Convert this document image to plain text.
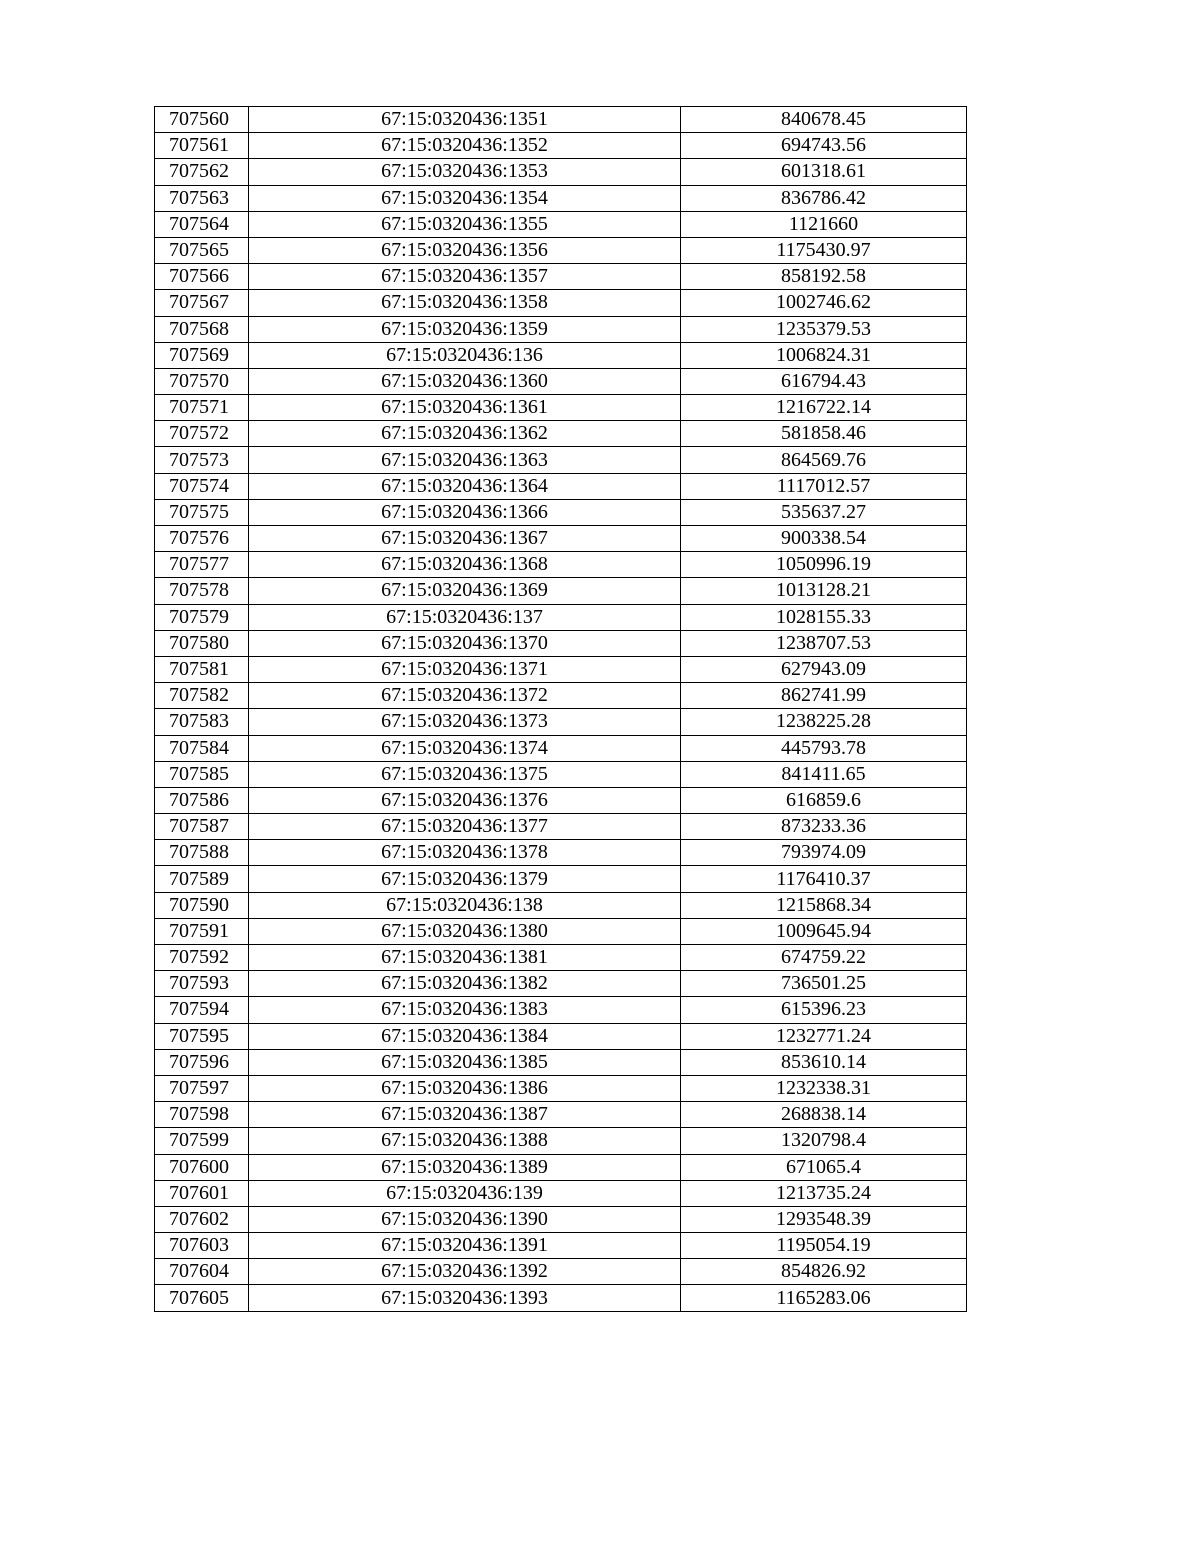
707560	67:15:0320436:1351	840678.45
707561	67:15:0320436:1352	694743.56
707562	67:15:0320436:1353	601318.61
707563	67:15:0320436:1354	836786.42
707564	67:15:0320436:1355	1121660
707565	67:15:0320436:1356	1175430.97
707566	67:15:0320436:1357	858192.58
707567	67:15:0320436:1358	1002746.62
707568	67:15:0320436:1359	1235379.53
707569	67:15:0320436:136	1006824.31
707570	67:15:0320436:1360	616794.43
707571	67:15:0320436:1361	1216722.14
707572	67:15:0320436:1362	581858.46
707573	67:15:0320436:1363	864569.76
707574	67:15:0320436:1364	1117012.57
707575	67:15:0320436:1366	535637.27
707576	67:15:0320436:1367	900338.54
707577	67:15:0320436:1368	1050996.19
707578	67:15:0320436:1369	1013128.21
707579	67:15:0320436:137	1028155.33
707580	67:15:0320436:1370	1238707.53
707581	67:15:0320436:1371	627943.09
707582	67:15:0320436:1372	862741.99
707583	67:15:0320436:1373	1238225.28
707584	67:15:0320436:1374	445793.78
707585	67:15:0320436:1375	841411.65
707586	67:15:0320436:1376	616859.6
707587	67:15:0320436:1377	873233.36
707588	67:15:0320436:1378	793974.09
707589	67:15:0320436:1379	1176410.37
707590	67:15:0320436:138	1215868.34
707591	67:15:0320436:1380	1009645.94
707592	67:15:0320436:1381	674759.22
707593	67:15:0320436:1382	736501.25
707594	67:15:0320436:1383	615396.23
707595	67:15:0320436:1384	1232771.24
707596	67:15:0320436:1385	853610.14
707597	67:15:0320436:1386	1232338.31
707598	67:15:0320436:1387	268838.14
707599	67:15:0320436:1388	1320798.4
707600	67:15:0320436:1389	671065.4
707601	67:15:0320436:139	1213735.24
707602	67:15:0320436:1390	1293548.39
707603	67:15:0320436:1391	1195054.19
707604	67:15:0320436:1392	854826.92
707605	67:15:0320436:1393	1165283.06
